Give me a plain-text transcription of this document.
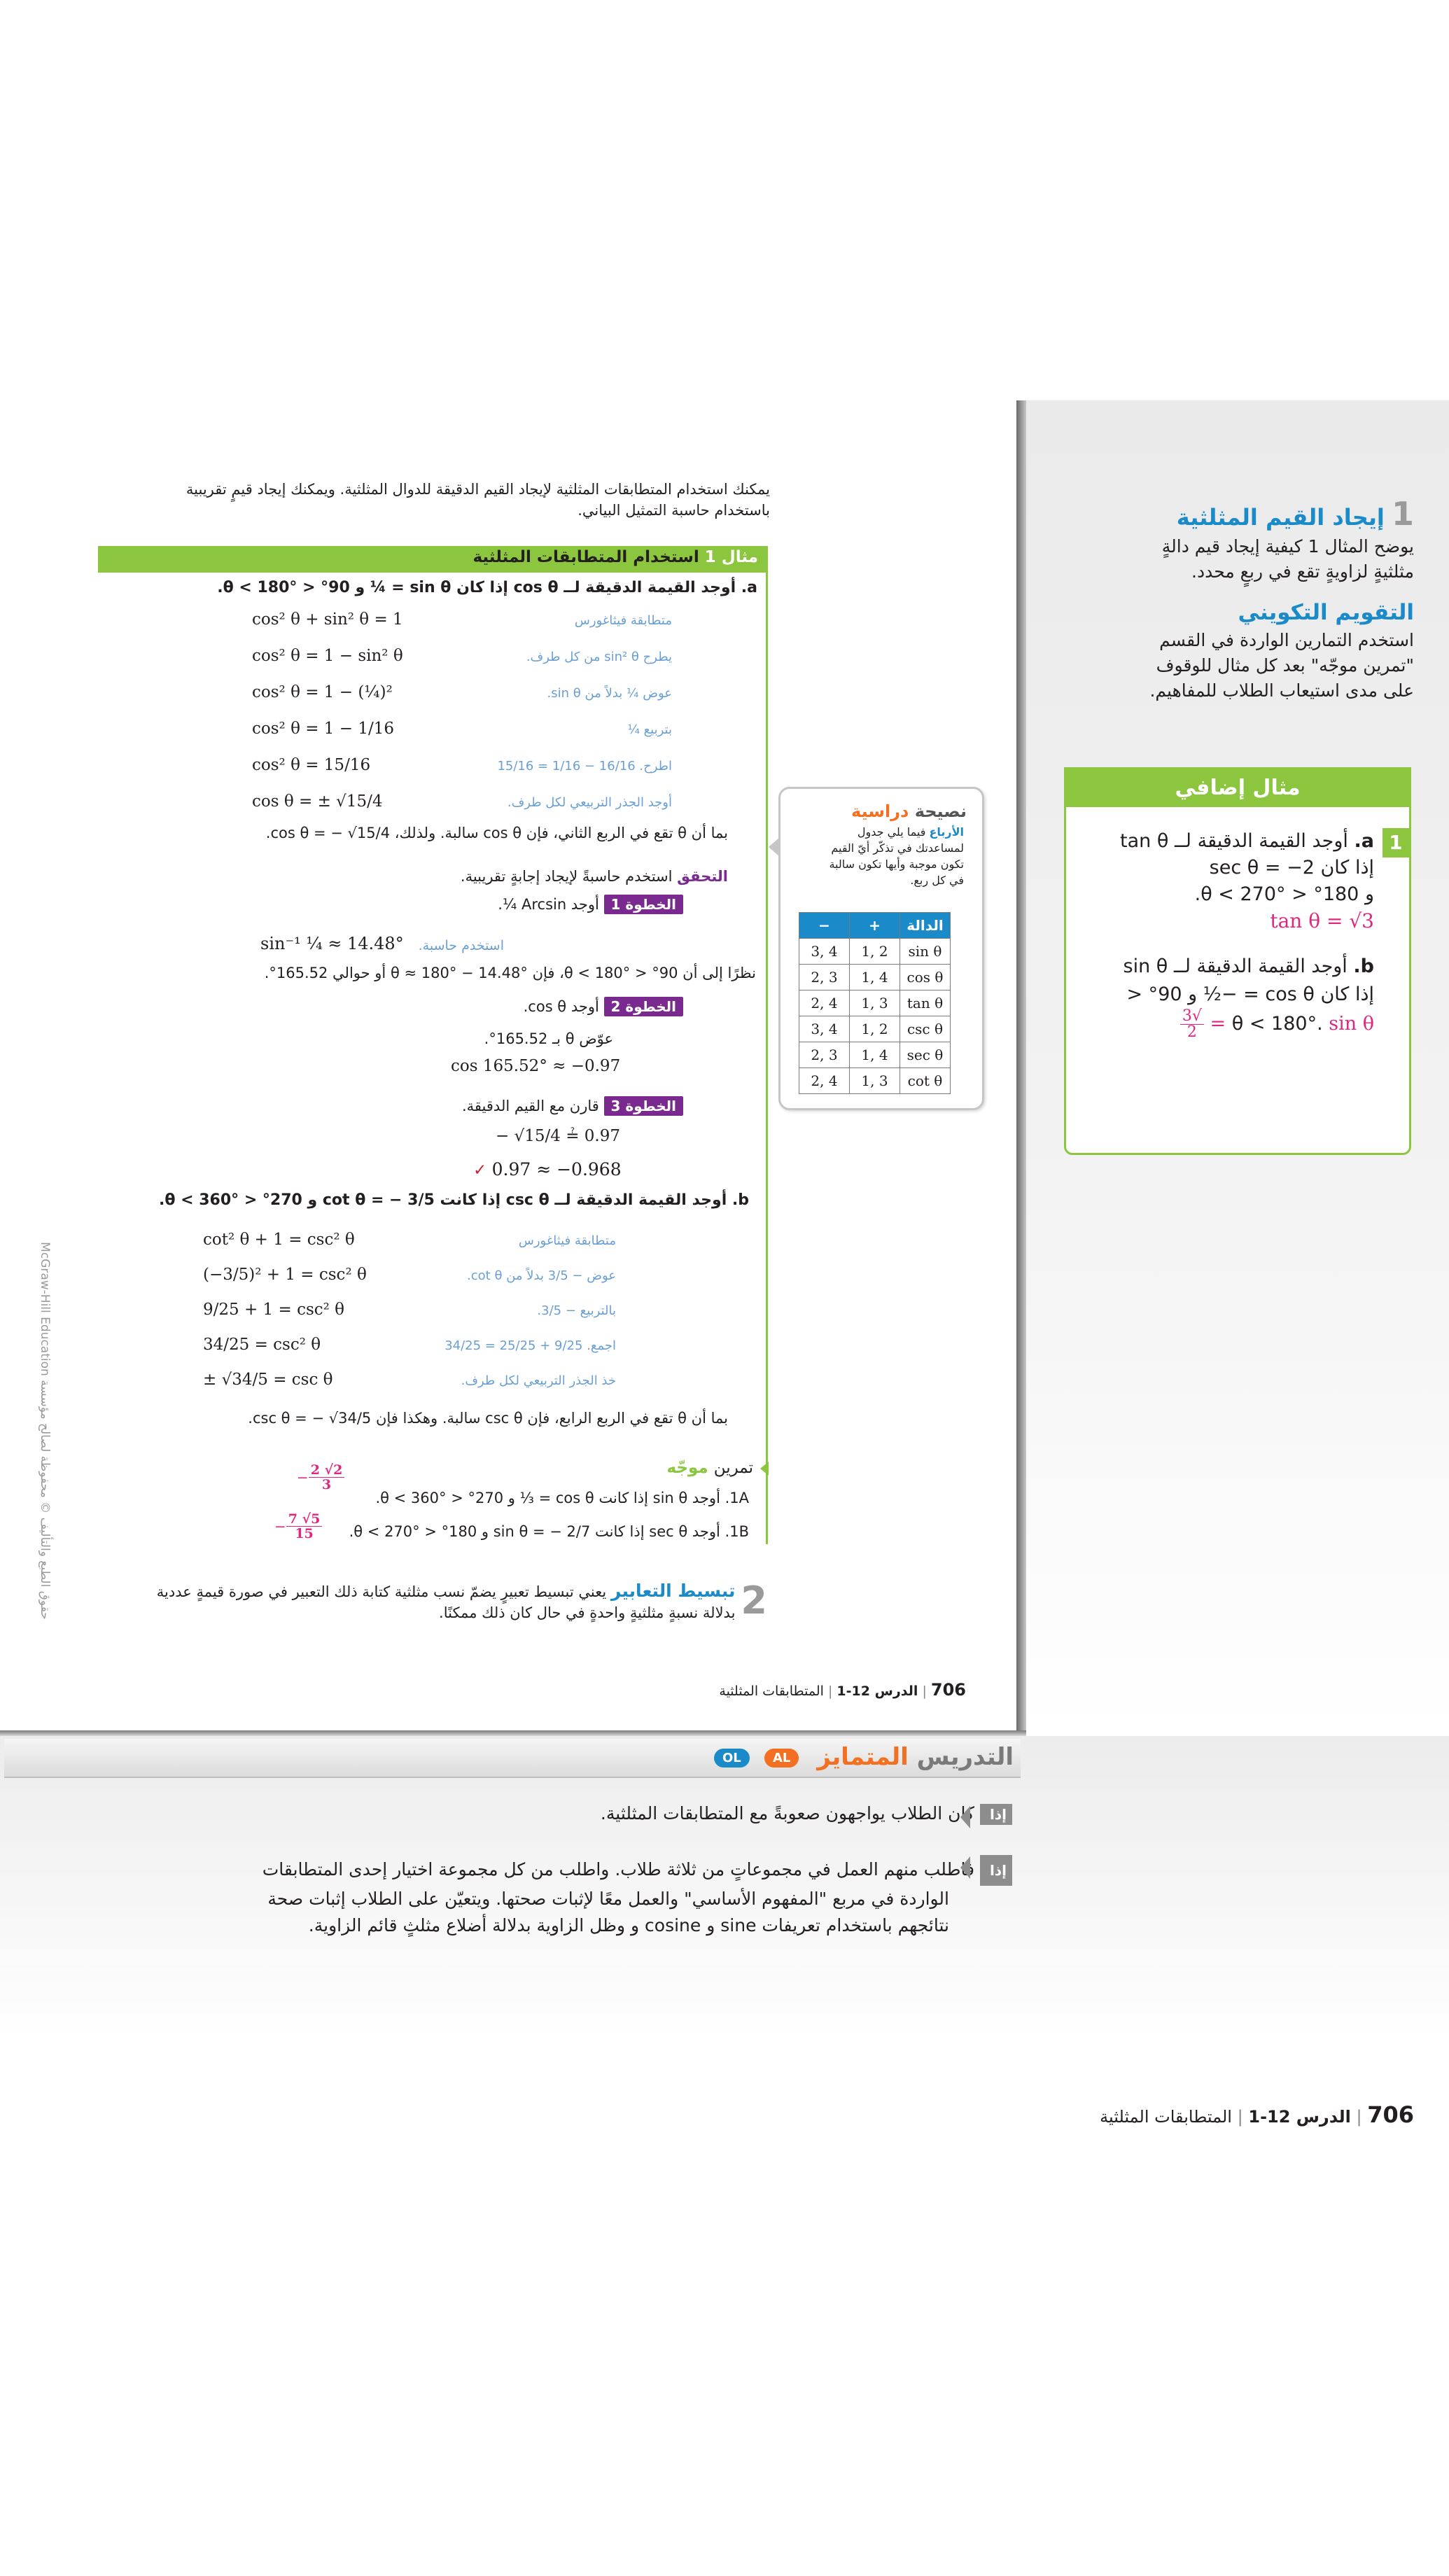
1 إيجاد القيم المثلثية
يوضح المثال 1 كيفية إيجاد قيم دالةٍ
مثلثيةٍ لزاويةٍ تقع في ربعٍ محدد.
التقويم التكويني
استخدم التمارين الواردة في القسم
"تمرين موجّه" بعد كل مثال للوقوف
على مدى استيعاب الطلاب للمفاهيم.
مثال إضافي
1
a. أوجد القيمة الدقيقة لــ tan θ
إذا كان sec θ = −2
و 180° < θ < 270°.
tan θ = √3
b. أوجد القيمة الدقيقة لــ sin θ
إذا كان cos θ = −½ و 90° <
θ < 180°. sin θ =
$\frac{√3}{2}$
يمكنك استخدام المتطابقات المثلثية لإيجاد القيم الدقيقة للدوال المثلثية. ويمكنك إيجاد قيمٍ تقريبية
باستخدام حاسبة التمثيل البياني.
مثال 1 استخدام المتطابقات المثلثية
a. أوجد القيمة الدقيقة لــ cos θ إذا كان sin θ = ¼ و 90° < θ < 180°.
cos² θ + sin² θ = 1	متطابقة فيثاغورس
cos² θ = 1 − sin² θ	يطرح sin² θ من كل طرف.
cos² θ = 1 − (¼)²	عوض ¼ بدلاً من sin θ.
cos² θ = 1 − 1/16	بتربيع ¼
cos² θ = 15/16	اطرح. 16/16 − 1/16 = 15/16
cos θ = ± √15/4	أوجد الجذر التربيعي لكل طرف.
بما أن θ تقع في الربع الثاني، فإن cos θ سالبة. ولذلك، cos θ = − √15/4.
التحقق استخدم حاسبةً لإيجاد إجابةٍ تقريبية.
الخطوة 1 أوجد Arcsin ¼.
sin⁻¹ ¼ ≈ 14.48°	استخدم حاسبة.
نظرًا إلى أن 90° < θ < 180°، فإن θ ≈ 180° − 14.48° أو حوالي 165.52°.
الخطوة 2 أوجد cos θ.
عوّض θ بـ 165.52°.
cos 165.52° ≈ −0.97
الخطوة 3 قارن مع القيم الدقيقة.
− √15/4 ≟ 0.97
✓ 0.97 ≈ −0.968
b. أوجد القيمة الدقيقة لــ csc θ إذا كانت cot θ = − 3/5 و 270° < θ < 360°.
cot² θ + 1 = csc² θ	متطابقة فيثاغورس
(−3/5)² + 1 = csc² θ	عوض − 3/5 بدلاً من cot θ.
9/25 + 1 = csc² θ	بالتربيع − 3/5.
34/25 = csc² θ	اجمع. 9/25 + 25/25 = 34/25
± √34/5 = csc θ	خذ الجذر التربيعي لكل طرف.
بما أن θ تقع في الربع الرابع، فإن csc θ سالبة. وهكذا فإن csc θ = − √34/5.
تمرين موجّه
1A. أوجد sin θ إذا كانت cos θ = ⅓ و 270° < θ < 360°.
− $\frac{2 √2}{3}$
1B. أوجد sec θ إذا كانت sin θ = − 2/7 و 180° < θ < 270°.
− $\frac{7 √5}{15}$
2
تبسيط التعابير يعني تبسيط تعبيرٍ يضمّ نسب مثلثية كتابة ذلك التعبير في صورة قيمةٍ عددية
بدلالة نسبةٍ مثلثيةٍ واحدةٍ في حال كان ذلك ممكنًا.
706 | الدرس 12-1 | المتطابقات المثلثية
McGraw-Hill Education حقوق الطبع والتأليف © محفوظة لصالح مؤسسة
نصيحة دراسية
الأرباع فيما يلي جدول
لمساعدتك في تذكّر أيّ القيم
تكون موجبة وأيها تكون سالبة
في كل ربع.
−	+	الدالة
3, 4	1, 2	sin θ
2, 3	1, 4	cos θ
2, 4	1, 3	tan θ
3, 4	1, 2	csc θ
2, 3	1, 4	sec θ
2, 4	1, 3	cot θ
التدريس المتمايز
AL
OL
إذا كان الطلاب يواجهون صعوبةً مع المتطابقات المثلثية.
إذا فاطلب منهم العمل في مجموعاتٍ من ثلاثة طلاب. واطلب من كل مجموعة اختيار إحدى المتطابقات
الواردة في مربع "المفهوم الأساسي" والعمل معًا لإثبات صحتها. ويتعيّن على الطلاب إثبات صحة
نتائجهم باستخدام تعريفات sine و cosine و وظل الزاوية بدلالة أضلاع مثلثٍ قائم الزاوية.
706 | الدرس 12-1 | المتطابقات المثلثية
